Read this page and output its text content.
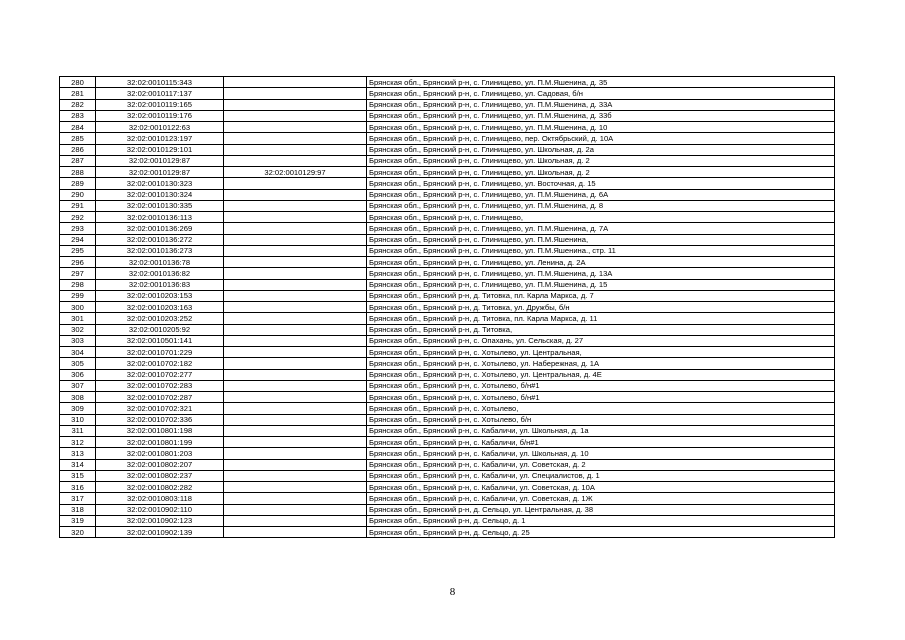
280	32:02:0010115:343		Брянская обл., Брянский р-н, с. Глинищево, ул. П.М.Яшенина, д. 35
281	32:02:0010117:137		Брянская обл., Брянский р-н, с. Глинищево, ул. Садовая, б/н
282	32:02:0010119:165		Брянская обл., Брянский р-н, с. Глинищево, ул. П.М.Яшенина, д. 33А
283	32:02:0010119:176		Брянская обл., Брянский р-н, с. Глинищево, ул. П.М.Яшенина, д. 33б
284	32:02:0010122:63		Брянская обл., Брянский р-н, с. Глинищево, ул. П.М.Яшенина, д. 10
285	32:02:0010123:197		Брянская обл., Брянский р-н, с. Глинищево, пер. Октябрьский, д. 10А
286	32:02:0010129:101		Брянская обл., Брянский р-н, с. Глинищево, ул. Школьная, д. 2а
287	32:02:0010129:87		Брянская обл., Брянский р-н, с. Глинищево, ул. Школьная, д. 2
288	32:02:0010129:87	32:02:0010129:97	Брянская обл., Брянский р-н, с. Глинищево, ул. Школьная, д. 2
289	32:02:0010130:323		Брянская обл., Брянский р-н, с. Глинищево, ул. Восточная, д. 15
290	32:02:0010130:324		Брянская обл., Брянский р-н, с. Глинищево, ул. П.М.Яшенина, д. 6А
291	32:02:0010130:335		Брянская обл., Брянский р-н, с. Глинищево, ул. П.М.Яшенина, д. 8
292	32:02:0010136:113		Брянская обл., Брянский р-н, с. Глинищево,
293	32:02:0010136:269		Брянская обл., Брянский р-н, с. Глинищево, ул. П.М.Яшенина, д. 7А
294	32:02:0010136:272		Брянская обл., Брянский р-н, с. Глинищево, ул. П.М.Яшенина,
295	32:02:0010136:273		Брянская обл., Брянский р-н, с. Глинищево, ул. П.М.Яшенина., стр. 11
296	32:02:0010136:78		Брянская обл., Брянский р-н, с. Глинищево, ул. Ленина, д. 2А
297	32:02:0010136:82		Брянская обл., Брянский р-н, с. Глинищево, ул. П.М.Яшенина, д. 13А
298	32:02:0010136:83		Брянская обл., Брянский р-н, с. Глинищево, ул. П.М.Яшенина, д. 15
299	32:02:0010203:153		Брянская обл., Брянский р-н, д. Титовка, пл. Карла Маркса, д. 7
300	32:02:0010203:163		Брянская обл., Брянский р-н, д. Титовка, ул. Дружбы, б/н
301	32:02:0010203:252		Брянская обл., Брянский р-н, д. Титовка, пл. Карла Маркса, д. 11
302	32:02:0010205:92		Брянская обл., Брянский р-н, д. Титовка,
303	32:02:0010501:141		Брянская обл., Брянский р-н, с. Опахань, ул. Сельская, д. 27
304	32:02:0010701:229		Брянская обл., Брянский р-н, с. Хотылево, ул. Центральная,
305	32:02:0010702:182		Брянская обл., Брянский р-н, с. Хотылево, ул. Набережная, д. 1А
306	32:02:0010702:277		Брянская обл., Брянский р-н, с. Хотылево, ул. Центральная, д. 4Е
307	32:02:0010702:283		Брянская обл., Брянский р-н, с. Хотылево, б/н#1
308	32:02:0010702:287		Брянская обл., Брянский р-н, с. Хотылево, б/н#1
309	32:02:0010702:321		Брянская обл., Брянский р-н, с. Хотылево,
310	32:02:0010702:336		Брянская обл., Брянский р-н, с. Хотылево, б/н
311	32:02:0010801:198		Брянская обл., Брянский р-н, с. Кабаличи, ул. Школьная, д. 1а
312	32:02:0010801:199		Брянская обл., Брянский р-н, с. Кабаличи, б/н#1
313	32:02:0010801:203		Брянская обл., Брянский р-н, с. Кабаличи, ул. Школьная, д. 10
314	32:02:0010802:207		Брянская обл., Брянский р-н, с. Кабаличи, ул. Советская, д. 2
315	32:02:0010802:237		Брянская обл., Брянский р-н, с. Кабаличи, ул. Специалистов, д. 1
316	32:02:0010802:282		Брянская обл., Брянский р-н, с. Кабаличи, ул. Советская, д. 10А
317	32:02:0010803:118		Брянская обл., Брянский р-н, с. Кабаличи, ул. Советская, д. 1Ж
318	32:02:0010902:110		Брянская обл., Брянский р-н, д. Сельцо, ул. Центральная, д. 38
319	32:02:0010902:123		Брянская обл., Брянский р-н, д. Сельцо, д. 1
320	32:02:0010902:139		Брянская обл., Брянский р-н, д. Сельцо, д. 25
8
